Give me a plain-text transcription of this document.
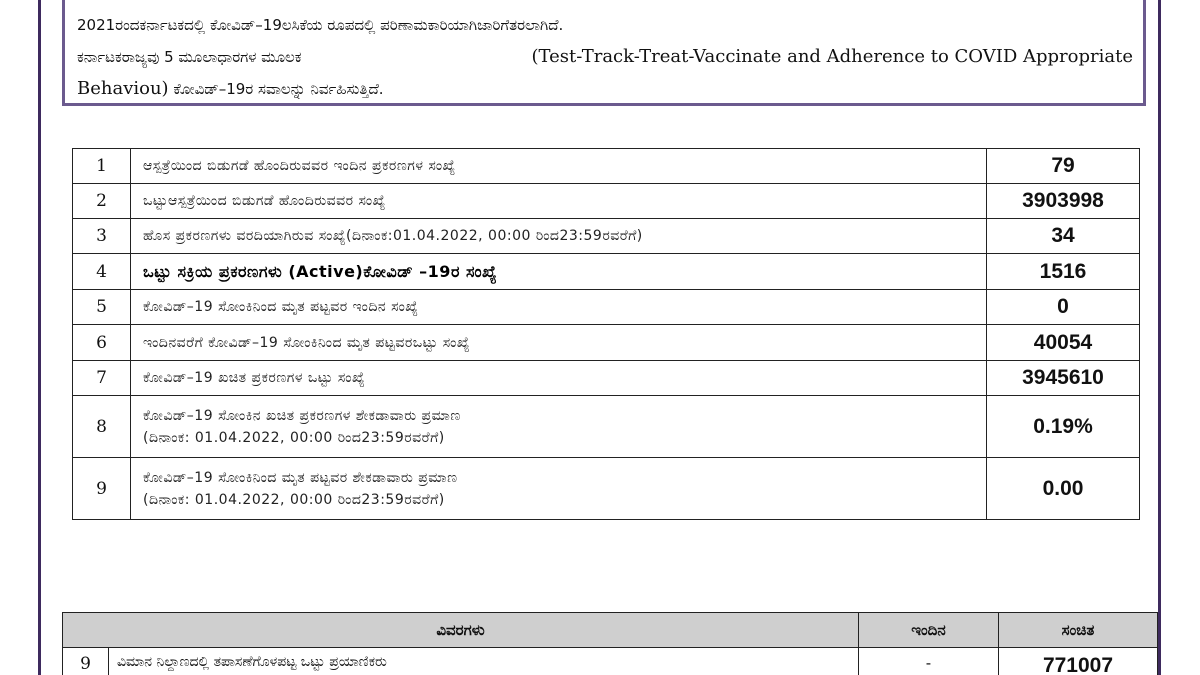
2021ರಂದಕರ್ನಾಟಕದಲ್ಲಿ ಕೋವಿಡ್–19ಲಸಿಕೆಯ ರೂಪದಲ್ಲಿ ಪರಿಣಾಮಕಾರಿಯಾಗಿಜಾರಿಗೆತರಲಾಗಿದೆ.
ಕರ್ನಾಟಕರಾಜ್ಯವು 5 ಮೂಲಾಧಾರಗಳ ಮೂಲಕ	(Test-Track-Treat-Vaccinate and Adherence to COVID Appropriate
Behaviou) ಕೋವಿಡ್–19ರ ಸವಾಲನ್ನು ನಿರ್ವಹಿಸುತ್ತಿದೆ.
1	ಆಸ್ಪತ್ರೆಯಿಂದ ಬಿಡುಗಡೆ ಹೊಂದಿರುವವರ ಇಂದಿನ ಪ್ರಕರಣಗಳ ಸಂಖ್ಯೆ	79
2	ಒಟ್ಟುಆಸ್ಪತ್ರೆಯಿಂದ ಬಿಡುಗಡೆ ಹೊಂದಿರುವವರ ಸಂಖ್ಯೆ	3903998
3	ಹೊಸ ಪ್ರಕರಣಗಳು ವರದಿಯಾಗಿರುವ ಸಂಖ್ಯೆ(ದಿನಾಂಕ:01.04.2022, 00:00 ರಿಂದ23:59ರವರೆಗೆ)	34
4	ಒಟ್ಟು ಸಕ್ರಿಯ ಪ್ರಕರಣಗಳು (Active)ಕೋವಿಡ್ –19ರ ಸಂಖ್ಯೆ	1516
5	ಕೋವಿಡ್–19 ಸೋಂಕಿನಿಂದ ಮೃತ ಪಟ್ಟವರ ಇಂದಿನ ಸಂಖ್ಯೆ	0
6	ಇಂದಿನವರೆಗೆ ಕೋವಿಡ್–19 ಸೋಂಕಿನಿಂದ ಮೃತ ಪಟ್ಟವರಒಟ್ಟು ಸಂಖ್ಯೆ	40054
7	ಕೋವಿಡ್–19 ಖಚಿತ ಪ್ರಕರಣಗಳ ಒಟ್ಟು ಸಂಖ್ಯೆ	3945610
8	ಕೋವಿಡ್–19 ಸೋಂಕಿನ ಖಚಿತ ಪ್ರಕರಣಗಳ ಶೇಕಡಾವಾರು ಪ್ರಮಾಣ
(ದಿನಾಂಕ: 01.04.2022, 00:00 ರಿಂದ23:59ರವರೆಗೆ)	0.19%
9	ಕೋವಿಡ್–19 ಸೋಂಕಿನಿಂದ ಮೃತ ಪಟ್ಟವರ ಶೇಕಡಾವಾರು ಪ್ರಮಾಣ
(ದಿನಾಂಕ: 01.04.2022, 00:00 ರಿಂದ23:59ರವರೆಗೆ)	0.00
ವಿವರಗಳು		ಇಂದಿನ	ಸಂಚಿತ
9	ವಿಮಾನ ನಿಲ್ದಾಣದಲ್ಲಿ ತಪಾಸಣೆಗೊಳಪಟ್ಟ ಒಟ್ಟು ಪ್ರಯಾಣಿಕರು	-	771007
